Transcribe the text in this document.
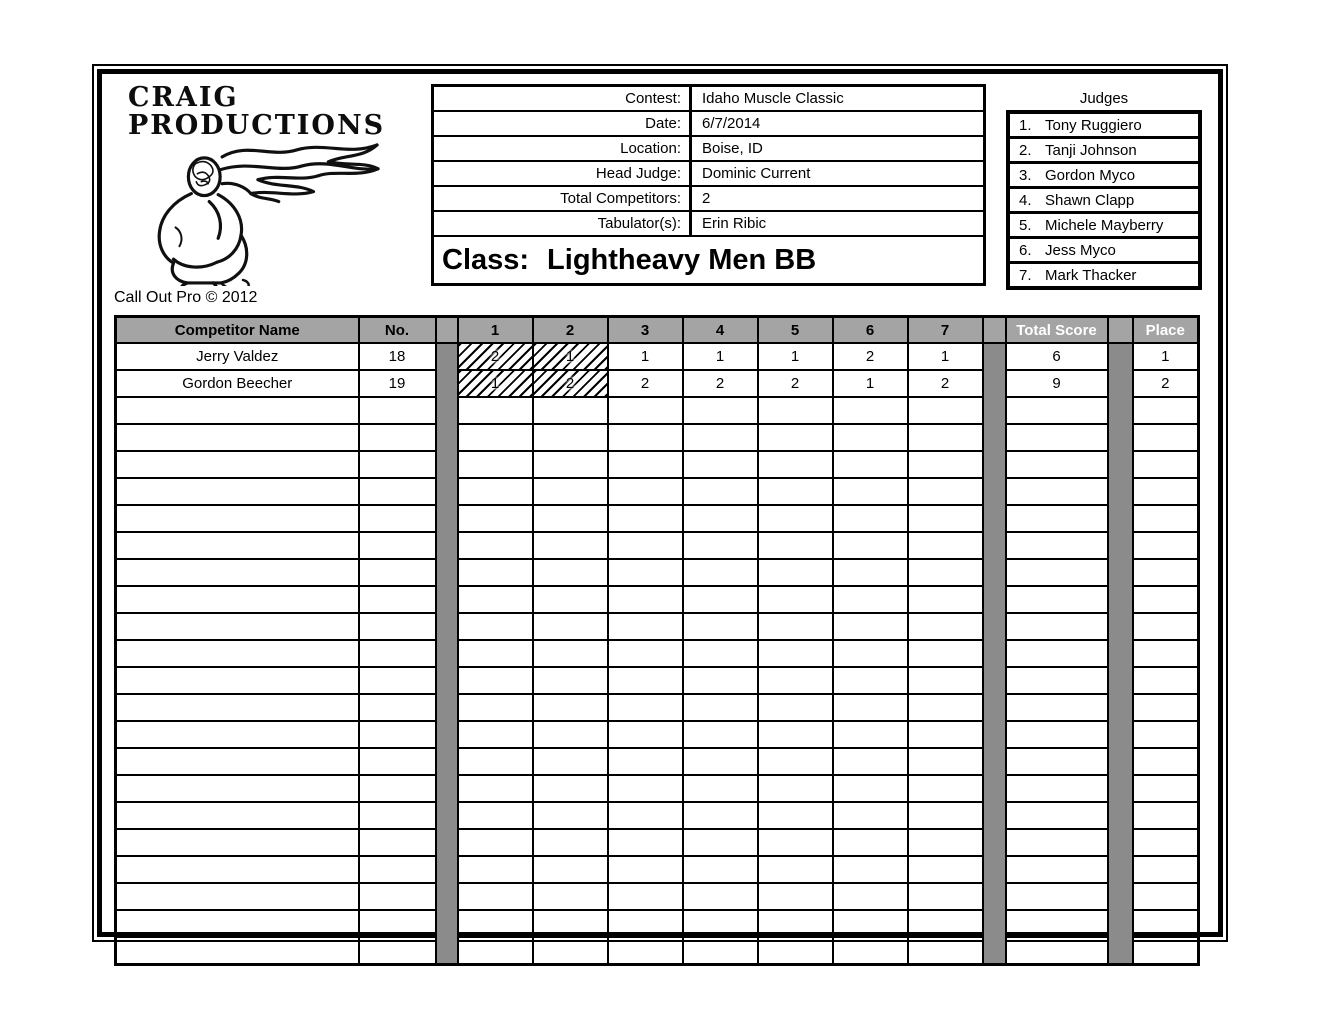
CRAIG
PRODUCTIONS
Call Out Pro © 2012
Contest:	Idaho Muscle Classic
Date:	6/7/2014
Location:	Boise, ID
Head Judge:	Dominic Current
Total Competitors:	2
Tabulator(s):	Erin Ribic
Class: Lightheavy Men BB
Judges
1. Tony Ruggiero
2. Tanji Johnson
3. Gordon Myco
4. Shawn Clapp
5. Michele Mayberry
6. Jess Myco
7. Mark Thacker
Competitor Name	No.		1	2	3	4	5	6	7		Total Score		Place
Jerry Valdez	18		2	1	1	1	1	2	1		6		1
Gordon Beecher	19		1	2	2	2	2	1	2		9		2
